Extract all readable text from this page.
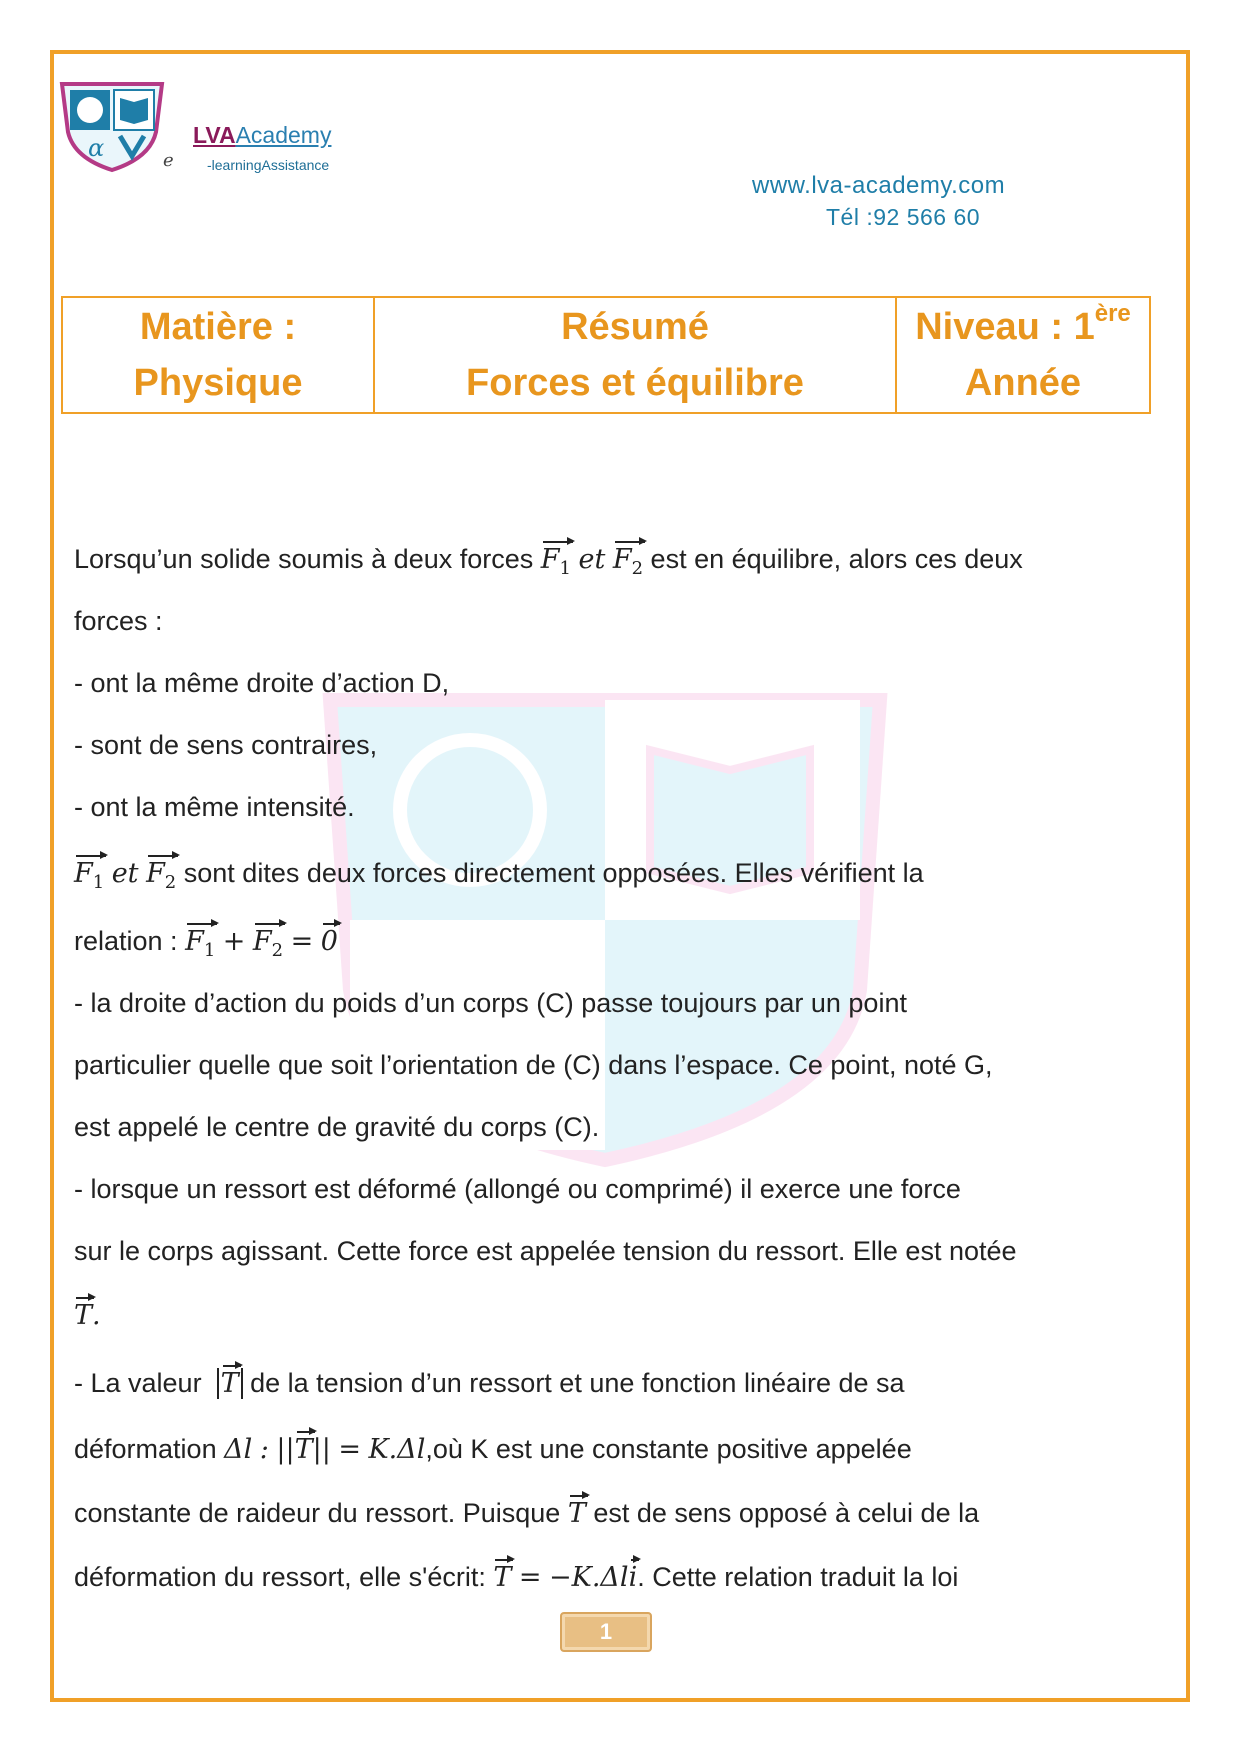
α	e
LVAAcademy
-learningAssistance
www.lva-academy.com
Tél :92 566 60
Matière :
Physique

Résumé
Forces et équilibre

Niveau : 1ère
Année
Lorsqu’un solide soumis à deux forces $F_1$ et $F_2$ est en équilibre, alors ces deux
forces :
- ont la même droite d’action D,
- sont de sens contraires,
- ont la même intensité.
$F_1$ et $F_2$ sont dites deux forces directement opposées. Elles vérifient la
relation : $F_1 + F_2 = 0$
- la droite d’action du poids d’un corps (C) passe toujours par un point
particulier quelle que soit l’orientation de (C) dans l’espace. Ce point, noté G,
est appelé le centre de gravité du corps (C).
- lorsque un ressort est déformé (allongé ou comprimé) il exerce une force
sur le corps agissant. Cette force est appelée tension du ressort. Elle est notée
T.
- La valeur T de la tension d’un ressort et une fonction linéaire de sa
déformation Δl : ||T|| = K.Δl,où K est une constante positive appelée
constante de raideur du ressort. Puisque T est de sens opposé à celui de la
déformation du ressort, elle s'écrit: T = −K.Δli. Cette relation traduit la loi
1
